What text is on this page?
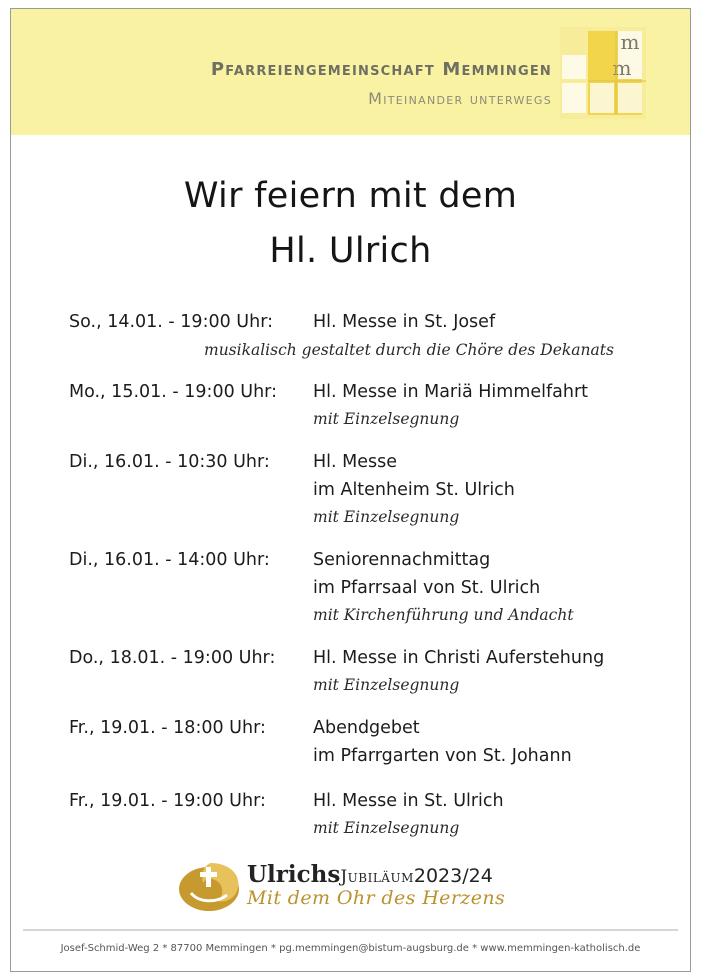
Pfarreiengemeinschaft Memmingen
Miteinander unterwegs
m
m
Wir feiern mit dem
Hl. Ulrich
So., 14.01. - 19:00 Uhr: Hl. Messe in St. Josef
musikalisch gestaltet durch die Chöre des Dekanats
Mo., 15.01. - 19:00 Uhr: Hl. Messe in Mariä Himmelfahrt
mit Einzelsegnung
Di., 16.01. - 10:30 Uhr: Hl. Messe
im Altenheim St. Ulrich
mit Einzelsegnung
Di., 16.01. - 14:00 Uhr: Seniorennachmittag
im Pfarrsaal von St. Ulrich
mit Kirchenführung und Andacht
Do., 18.01. - 19:00 Uhr: Hl. Messe in Christi Auferstehung
mit Einzelsegnung
Fr., 19.01. - 18:00 Uhr:	Abendgebet
im Pfarrgarten von St. Johann
Fr., 19.01. - 19:00 Uhr:	Hl. Messe in St. Ulrich
mit Einzelsegnung
UlrichsJubiläum2023/24
Mit dem Ohr des Herzens
Josef-Schmid-Weg 2 * 87700 Memmingen * pg.memmingen@bistum-augsburg.de * www.memmingen-katholisch.de
